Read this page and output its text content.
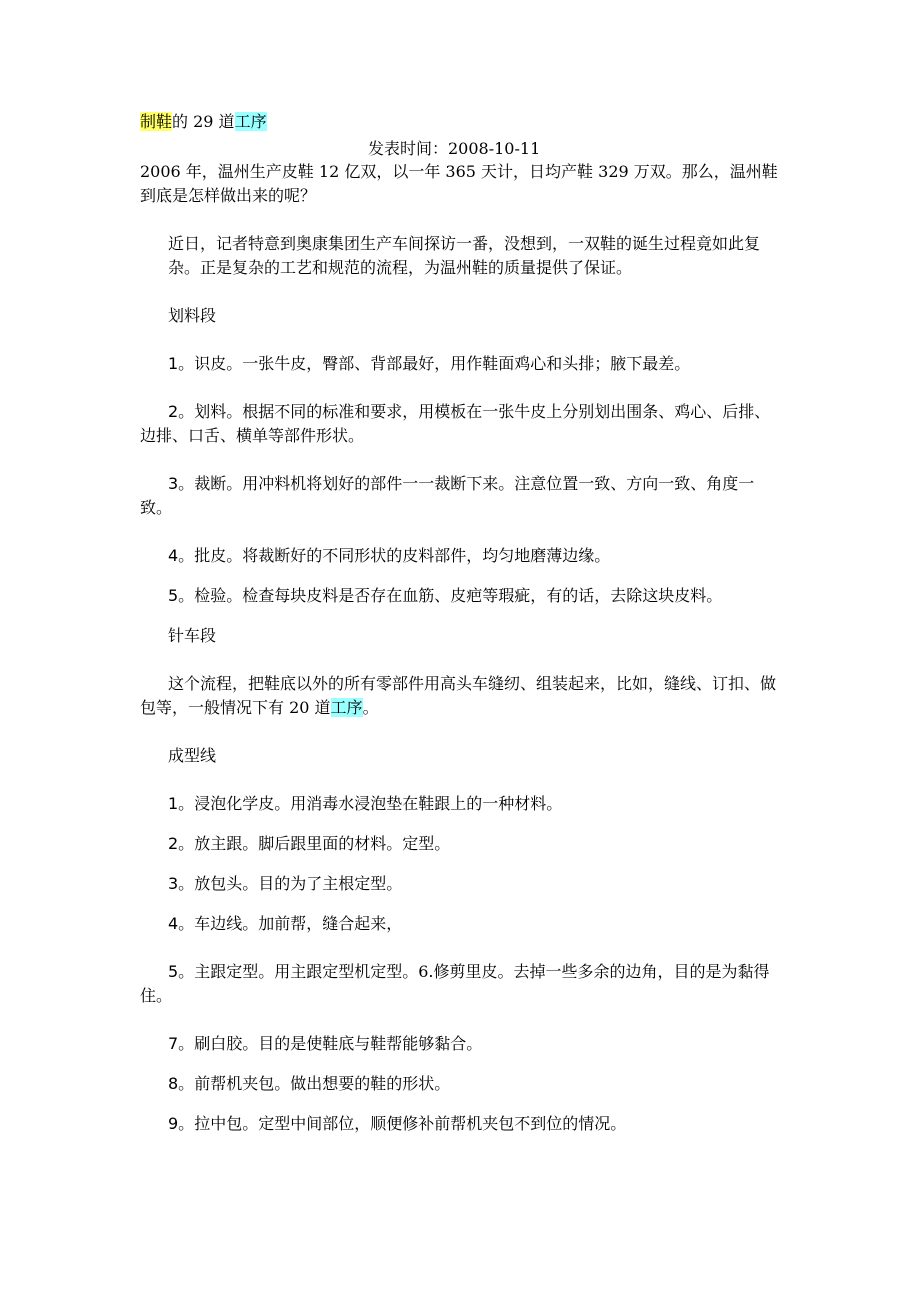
制鞋的 29 道工序

发表时间：2008-10-11

2006 年，温州生产皮鞋 12 亿双，以一年 365 天计，日均产鞋 329 万双。那么，温州鞋到底是怎样做出来的呢？

近日，记者特意到奥康集团生产车间探访一番，没想到，一双鞋的诞生过程竟如此复杂。正是复杂的工艺和规范的流程，为温州鞋的质量提供了保证。

划料段

1。识皮。一张牛皮，臀部、背部最好，用作鞋面鸡心和头排；腋下最差。

2。划料。根据不同的标准和要求，用模板在一张牛皮上分别划出围条、鸡心、后排、边排、口舌、横单等部件形状。

3。裁断。用冲料机将划好的部件一一裁断下来。注意位置一致、方向一致、角度一致。

4。批皮。将裁断好的不同形状的皮料部件，均匀地磨薄边缘。

5。检验。检查每块皮料是否存在血筋、皮疤等瑕疵，有的话，去除这块皮料。

针车段

这个流程，把鞋底以外的所有零部件用高头车缝纫、组装起来，比如，缝线、订扣、做包等，一般情况下有 20 道工序。

成型线

1。浸泡化学皮。用消毒水浸泡垫在鞋跟上的一种材料。

2。放主跟。脚后跟里面的材料。定型。

3。放包头。目的为了主根定型。

4。车边线。加前帮，缝合起来，

5。主跟定型。用主跟定型机定型。6.修剪里皮。去掉一些多余的边角，目的是为黏得住。

7。刷白胶。目的是使鞋底与鞋帮能够黏合。

8。前帮机夹包。做出想要的鞋的形状。

9。拉中包。定型中间部位，顺便修补前帮机夹包不到位的情况。
